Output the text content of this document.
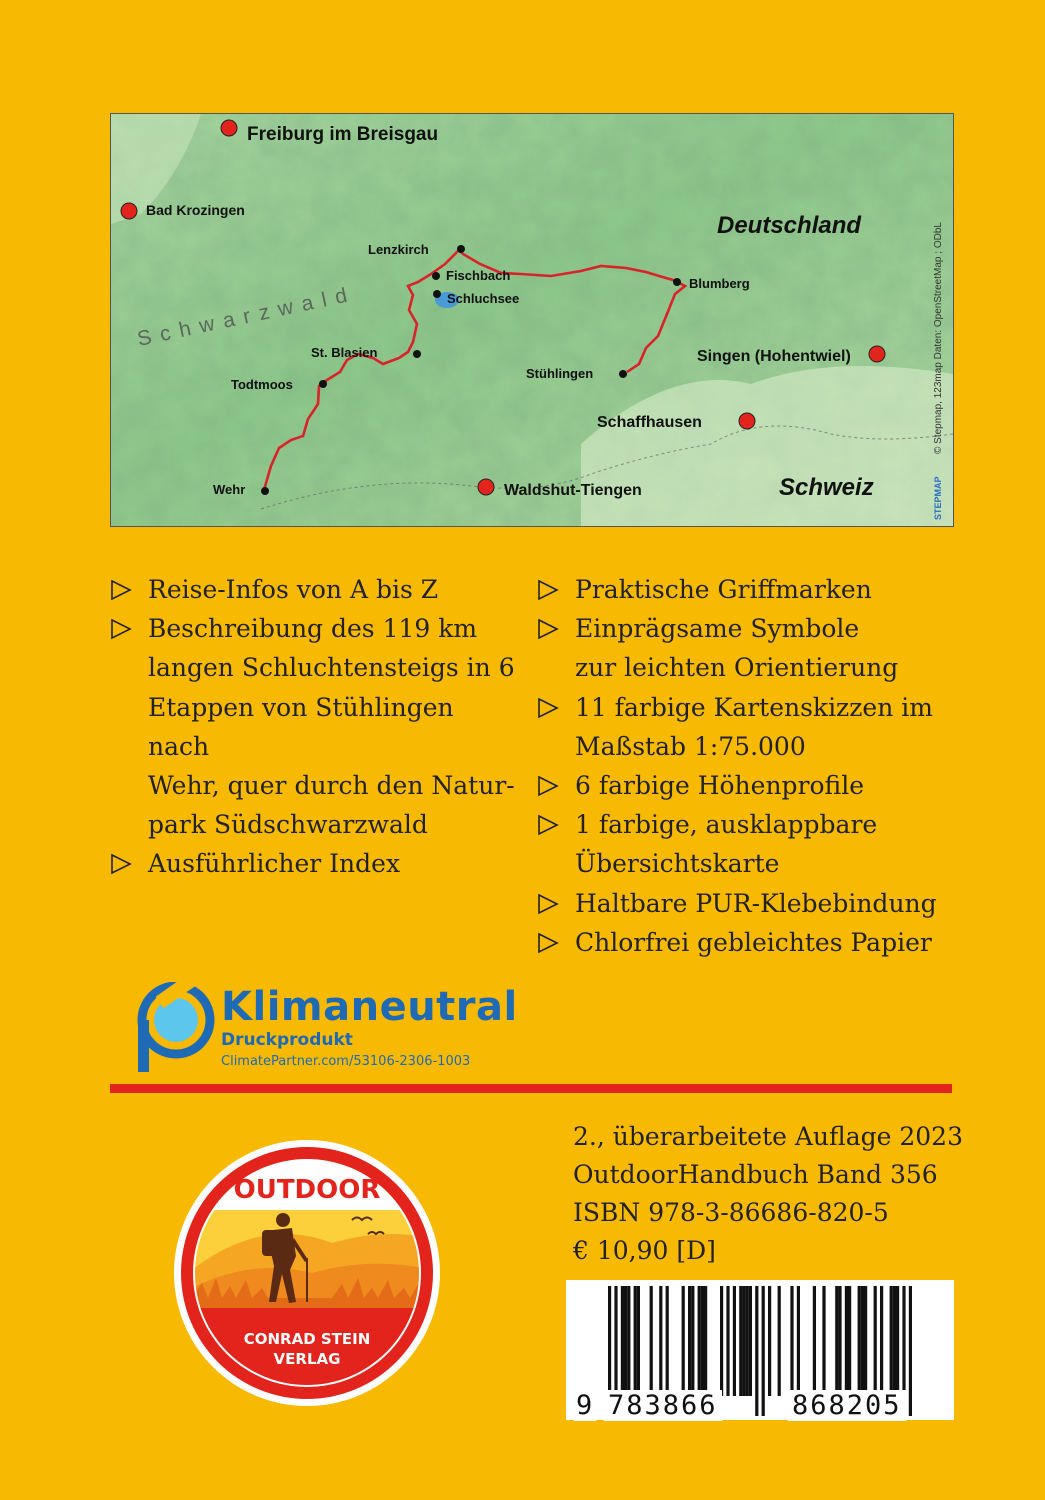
Freiburg im Breisgau
Bad Krozingen
Singen (Hohentwiel)
Schaffhausen
Waldshut-Tiengen
Lenzkirch
Fischbach
Schluchsee
Blumberg
St. Blasien
Stühlingen
Todtmoos
Wehr
Deutschland
Schweiz
Schwarzwald	© Stepmap, 123map Daten: OpenStreetMap ; ODbL
STEPMAP
Reise-Infos von A bis Z
Beschreibung des 119 km
langen Schluchtensteigs in 6
Etappen von Stühlingen nach
Wehr, quer durch den Natur-
park Südschwarzwald
Ausführlicher Index
Praktische Griffmarken
Einprägsame Symbole
zur leichten Orientierung
11 farbige Kartenskizzen im
Maßstab 1:75.000
6 farbige Höhenprofile
1 farbige, ausklappbare
Übersichtskarte
Haltbare PUR-Klebebindung
Chlorfrei gebleichtes Papier
Klimaneutral
Druckprodukt
ClimatePartner.com/53106-2306-1003
2., überarbeitete Auflage 2023
OutdoorHandbuch Band 356
ISBN 978-3-86686-820-5
€ 10,90 [D]
OUTDOOR
CONRAD STEIN
VERLAG
9 783866	868205
